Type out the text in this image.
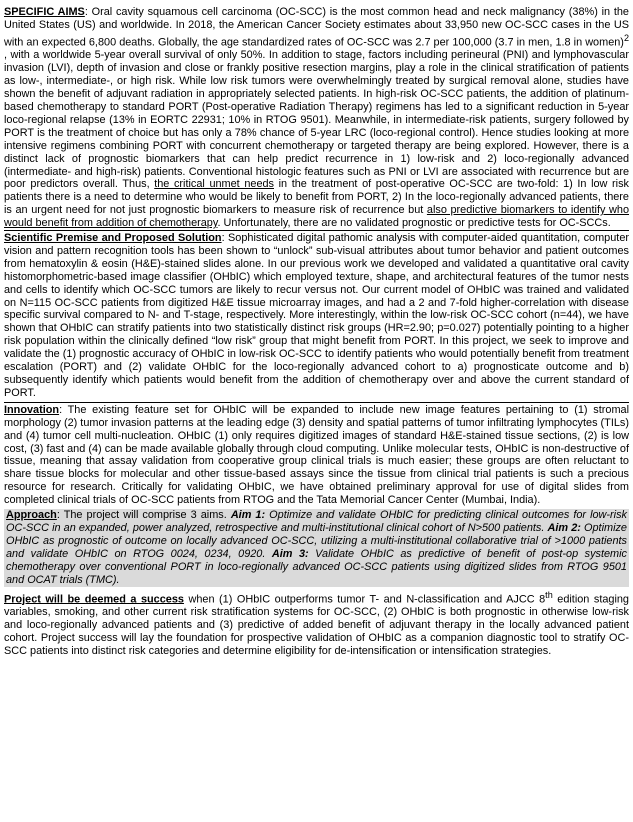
SPECIFIC AIMS: Oral cavity squamous cell carcinoma (OC-SCC) is the most common head and neck malignancy (38%) in the United States (US) and worldwide. In 2018, the American Cancer Society estimates about 33,950 new OC-SCC cases in the US with an expected 6,800 deaths. Globally, the age standardized rates of OC-SCC was 2.7 per 100,000 (3.7 in men, 1.8 in women)$^2$ , with a worldwide 5-year overall survival of only 50%. In addition to stage, factors including perineural (PNI) and lymphovascular invasion (LVI), depth of invasion and close or frankly positive resection margins, play a role in the clinical stratification of patients as low-, intermediate-, or high risk. While low risk tumors were overwhelmingly treated by surgical removal alone, studies have shown the benefit of adjuvant radiation in appropriately selected patients. In high-risk OC-SCC patients, the addition of platinum-based chemotherapy to standard PORT (Post-operative Radiation Therapy) regimens has led to a significant reduction in 5-year loco-regional relapse (13% in EORTC 22931; 10% in RTOG 9501). Meanwhile, in intermediate-risk patients, surgery followed by PORT is the treatment of choice but has only a 78% chance of 5-year LRC (loco-regional control). Hence studies looking at more intensive regimens combining PORT with concurrent chemotherapy or targeted therapy are being explored. However, there is a distinct lack of prognostic biomarkers that can help predict recurrence in 1) low-risk and 2) loco-regionally advanced (intermediate- and high-risk) patients. Conventional histologic features such as PNI or LVI are associated with recurrence but are poor predictors overall. Thus, the critical unmet needs in the treatment of post-operative OC-SCC are two-fold: 1) In low risk patients there is a need to determine who would be likely to benefit from PORT, 2) In the loco-regionally advanced patients, there is an urgent need for not just prognostic biomarkers to measure risk of recurrence but also predictive biomarkers to identify who would benefit from addition of chemotherapy. Unfortunately, there are no validated prognostic or predictive tests for OC-SCCs.

Scientific Premise and Proposed Solution: Sophisticated digital pathomic analysis with computer-aided quantitation, computer vision and pattern recognition tools has been shown to “unlock” sub-visual attributes about tumor behavior and patient outcomes from hematoxylin & eosin (H&E)-stained slides alone. In our previous work we developed and validated a quantitative oral cavity histomorphometric-based image classifier (OHbIC) which employed texture, shape, and architectural features of the tumor nests and cells to identify which OC-SCC tumors are likely to recur versus not. Our current model of OHbIC was trained and validated on N=115 OC-SCC patients from digitized H&E tissue microarray images, and had a 2 and 7-fold higher-correlation with disease specific survival compared to N- and T-stage, respectively. More interestingly, within the low-risk OC-SCC cohort (n=44), we have shown that OHbIC can stratify patients into two statistically distinct risk groups (HR=2.90; p=0.027) potentially pointing to a higher risk population within the clinically defined “low risk” group that might benefit from PORT. In this project, we seek to improve and validate the (1) prognostic accuracy of OHbIC in low-risk OC-SCC to identify patients who would potentially benefit from treatment escalation (PORT) and (2) validate OHbIC for the loco-regionally advanced cohort to a) prognosticate outcome and b) subsequently identify which patients would benefit from the addition of chemotherapy over and above the current standard of PORT.

Innovation: The existing feature set for OHbIC will be expanded to include new image features pertaining to (1) stromal morphology (2) tumor invasion patterns at the leading edge (3) density and spatial patterns of tumor infiltrating lymphocytes (TILs) and (4) tumor cell multi-nucleation. OHbIC (1) only requires digitized images of standard H&E-stained tissue sections, (2) is low cost, (3) fast and (4) can be made available globally through cloud computing. Unlike molecular tests, OHbIC is non-destructive of tissue, meaning that assay validation from cooperative group clinical trials is much easier; these groups are often reluctant to share tissue blocks for molecular and other tissue-based assays since the tissue from clinical trial patients is such a precious resource for research. Critically for validating OHbIC, we have obtained preliminary approval for use of digital slides from completed clinical trials of OC-SCC patients from RTOG and the Tata Memorial Cancer Center (Mumbai, India).

Approach: The project will comprise 3 aims. Aim 1: Optimize and validate OHbIC for predicting clinical outcomes for low-risk OC-SCC in an expanded, power analyzed, retrospective and multi-institutional clinical cohort of N>500 patients. Aim 2: Optimize OHbIC as prognostic of outcome on locally advanced OC-SCC, utilizing a multi-institutional collaborative trial of >1000 patients and validate OHbIC on RTOG 0024, 0234, 0920. Aim 3: Validate OHbIC as predictive of benefit of post-op systemic chemotherapy over conventional PORT in loco-regionally advanced OC-SCC patients using digitized slides from RTOG 9501 and OCAT trials (TMC).

Project will be deemed a success when (1) OHbIC outperforms tumor T- and N-classification and AJCC 8th edition staging variables, smoking, and other current risk stratification systems for OC-SCC, (2) OHbIC is both prognostic in otherwise low-risk and loco-regionally advanced patients and (3) predictive of added benefit of adjuvant therapy in the locally advanced patient cohort. Project success will lay the foundation for prospective validation of OHbIC as a companion diagnostic tool to stratify OC-SCC patients into distinct risk categories and determine eligibility for de-intensification or intensification strategies.
